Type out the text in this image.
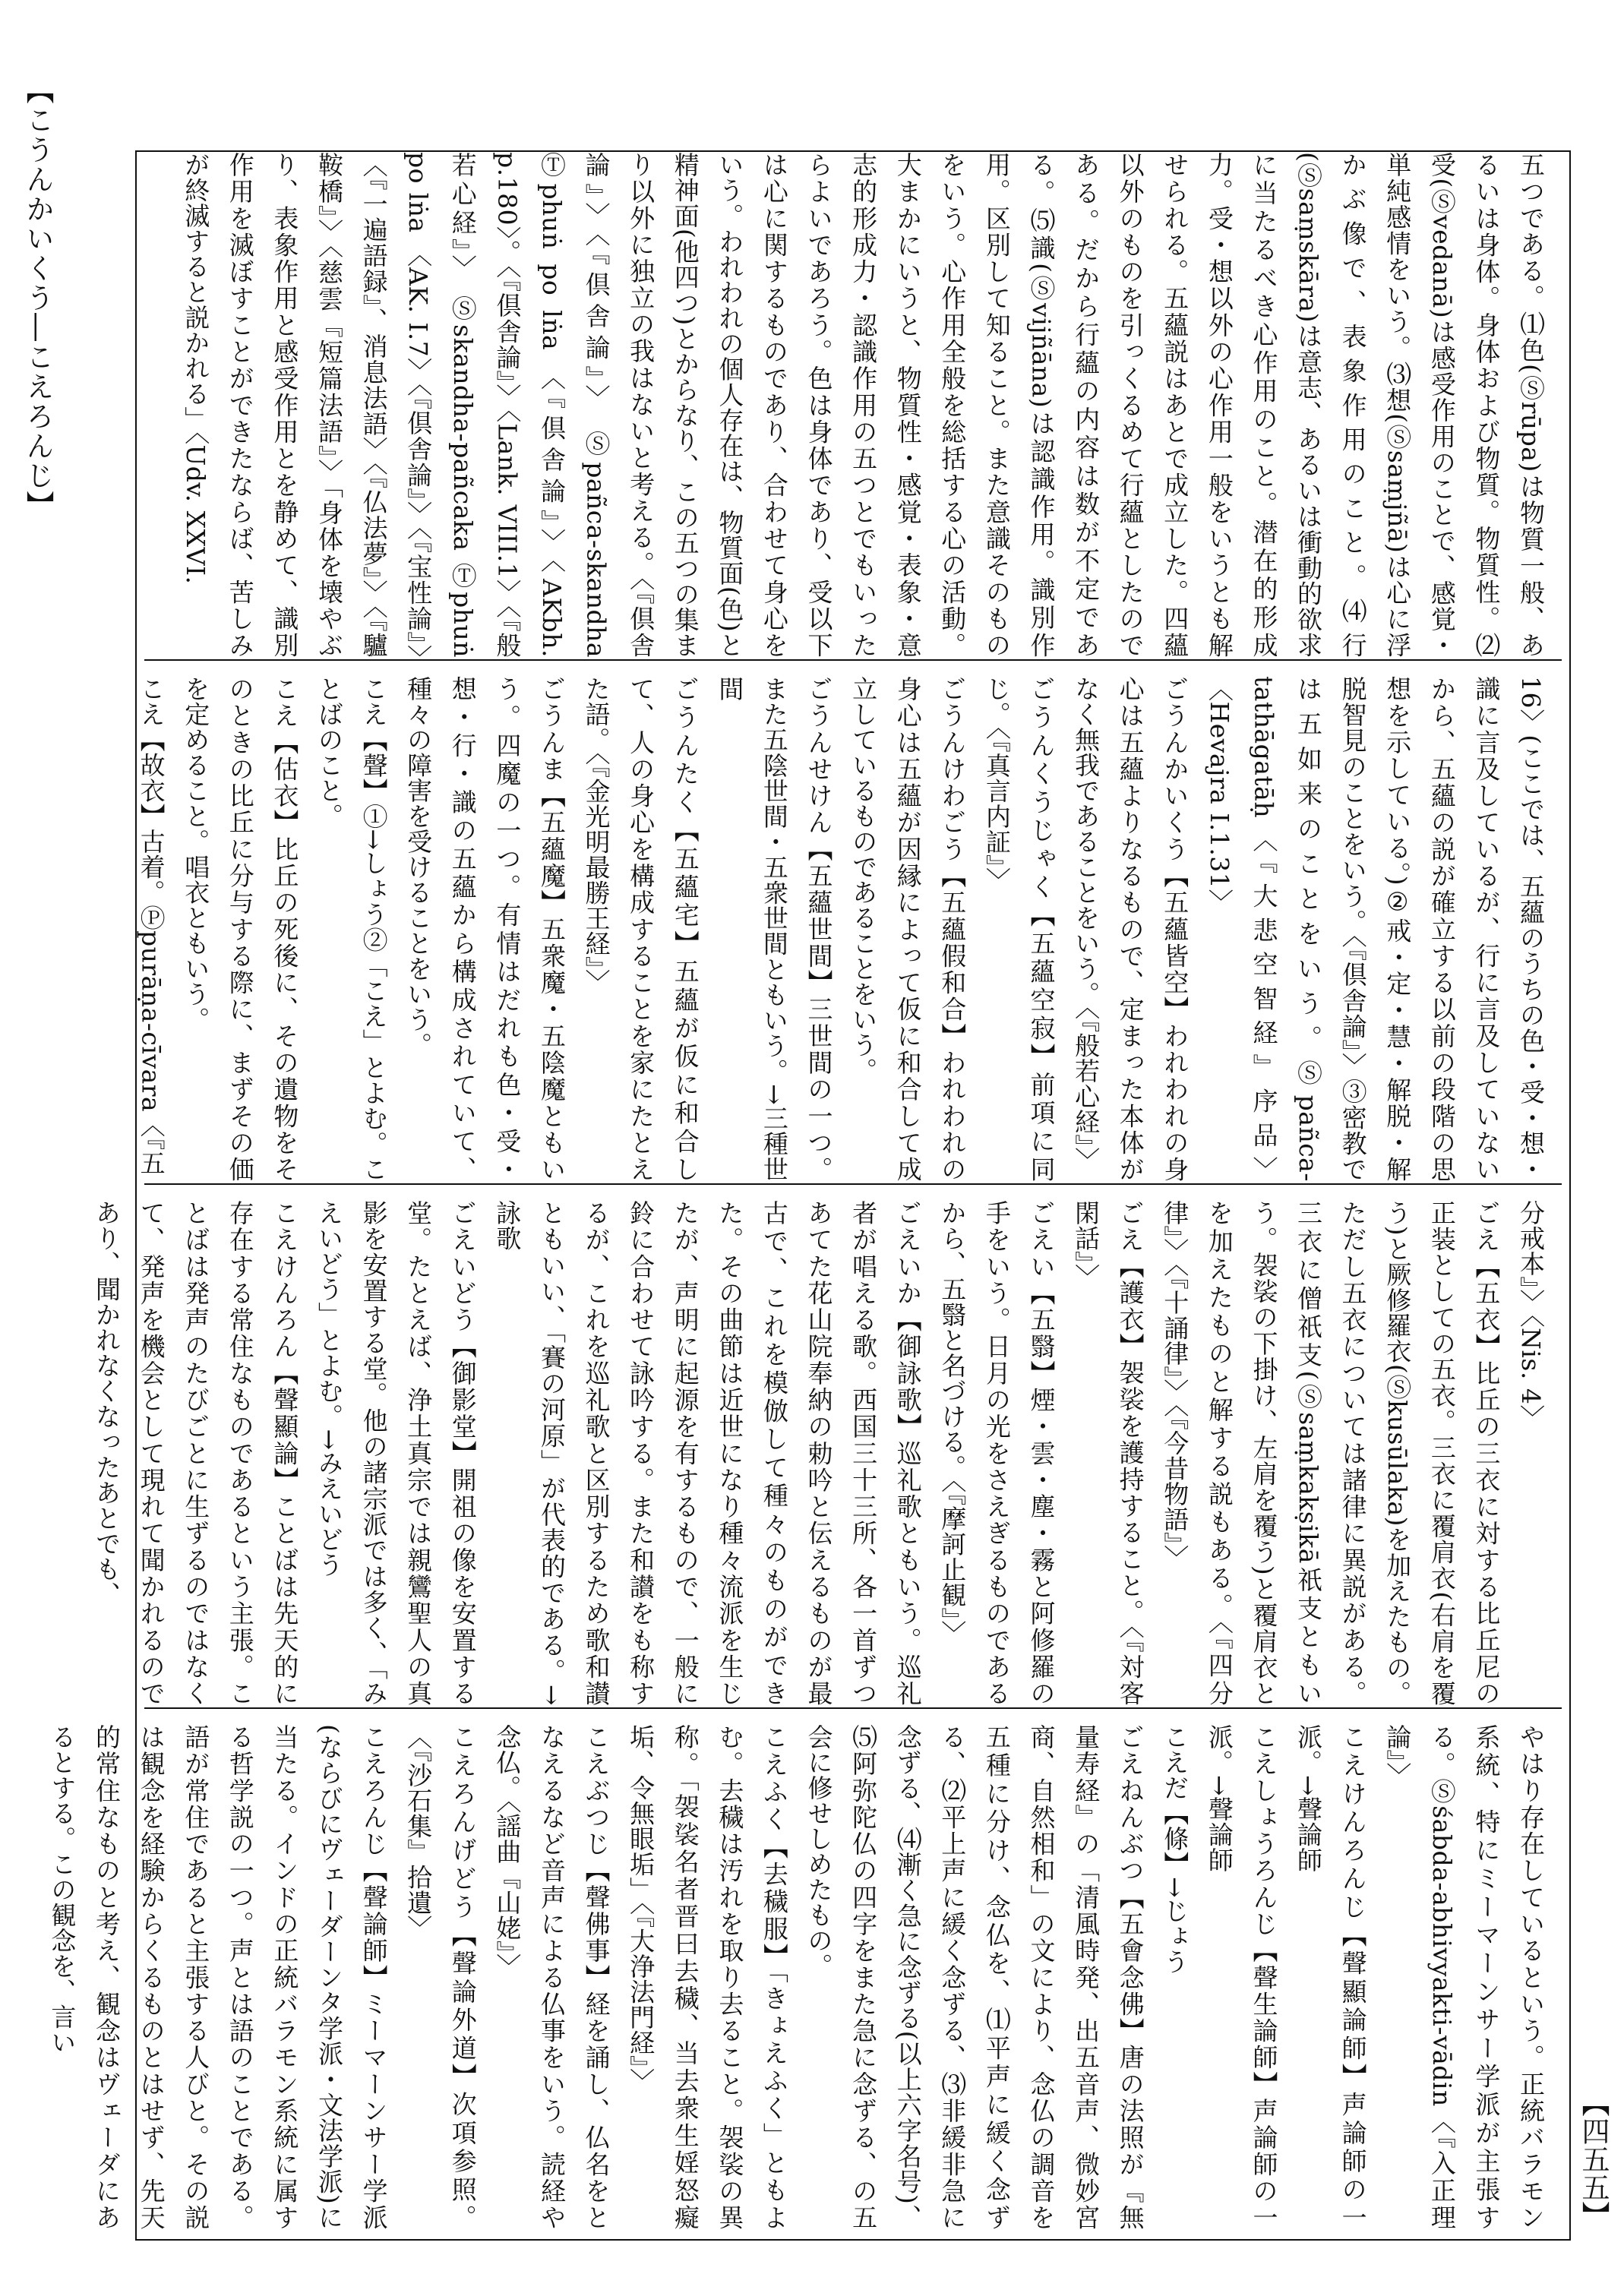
【こうんかいくう―こえろんじ】
【四五五】

五つである。⑴色(Ⓢrūpa)は物質一般、あるいは身体。身体および物質。物質性。⑵受(Ⓢvedanā)は感受作用のことで、感覚・単純感情をいう。⑶想(Ⓢsaṃjñā)は心に浮かぶ像で、表象作用のこと。⑷行(Ⓢsaṃskāra)は意志、あるいは衝動的欲求に当たるべき心作用のこと。潜在的形成力。受・想以外の心作用一般をいうとも解せられる。五蘊説はあとで成立した。四蘊以外のものを引っくるめて行蘊としたのである。だから行蘊の内容は数が不定である。⑸識(Ⓢvijñāna)は認識作用。識別作用。区別して知ること。また意識そのものをいう。心作用全般を総括する心の活動。大まかにいうと、物質性・感覚・表象・意志的形成力・認識作用の五つとでもいったらよいであろう。色は身体であり、受以下は心に関するものであり、合わせて身心をいう。われわれの個人存在は、物質面(色)と精神面(他四つ)とからなり、この五つの集まり以外に独立の我はないと考える。〈『倶舎論』〉〈『倶舎論』〉 Ⓢpañca-skandha Ⓣphuṅ po lṅa 〈『倶舎論』〉〈AKbh. p.180〉。〈『倶舎論』〉〈Lank. VIII.1〉〈『般若心経』〉 Ⓢskandha-pañcaka Ⓣphuṅ po lṅa 〈AK. I.7〉〈『倶舎論』〉〈『宝性論』〉〈『一遍語録』、消息法語〉〈『仏法夢』〉〈『驢鞍橋』〉〈慈雲『短篇法語』〉「身体を壊やぶり、表象作用と感受作用とを静めて、識別作用を滅ぼすことができたならば、苦しみが終滅すると説かれる」〈Udv. XXVI.

16〉(ここでは、五蘊のうちの色・受・想・識に言及しているが、行に言及していないから、五蘊の説が確立する以前の段階の思想を示している。)②戒・定・慧・解脱・解脱智見のことをいう。〈『倶舎論』〉③密教では五如来のことをいう。Ⓢpañca-tathāgatāḥ〈『大悲空智経』序品〉〈Hevajra I.1.31〉

ごうんかいくう【五蘊皆空】われわれの身心は五蘊よりなるもので、定まった本体がなく無我であることをいう。〈『般若心経』〉

ごうんくうじゃく【五蘊空寂】前項に同じ。〈『真言内証』〉

ごうんけわごう【五蘊假和合】われわれの身心は五蘊が因縁によって仮に和合して成立しているものであることをいう。

ごうんせけん【五蘊世間】三世間の一つ。また五陰世間・五衆世間ともいう。→三種世間

ごうんたく【五蘊宅】五蘊が仮に和合して、人の身心を構成することを家にたとえた語。〈『金光明最勝王経』〉

ごうんま【五蘊魔】五衆魔・五陰魔ともいう。四魔の一つ。有情はだれも色・受・想・行・識の五蘊から構成されていて、種々の障害を受けることをいう。

こえ【聲】①→しょう②「こえ」とよむ。ことばのこと。

こえ【估衣】比丘の死後に、その遺物をそのときの比丘に分与する際に、まずその価を定めること。唱衣ともいう。

こえ【故衣】古着。Ⓟpurāṇa-cīvara〈『五

分戒本』〉〈Nis. 4〉

ごえ【五衣】比丘の三衣に対する比丘尼の正装としての五衣。三衣に覆肩衣(右肩を覆う)と厥修羅衣(Ⓢkusūlaka)を加えたもの。ただし五衣については諸律に異説がある。三衣に僧祇支(Ⓢsaṃkakṣikā祇支ともいう。袈裟の下掛け、左肩を覆う)と覆肩衣とを加えたものと解する説もある。〈『四分律』〉〈『十誦律』〉〈『今昔物語』〉

ごえ【護衣】袈裟を護持すること。〈『対客閑話』〉

ごえい【五翳】煙・雲・塵・霧と阿修羅の手をいう。日月の光をさえぎるものであるから、五翳と名づける。〈『摩訶止観』〉

ごえいか【御詠歌】巡礼歌ともいう。巡礼者が唱える歌。西国三十三所、各一首ずつあてた花山院奉納の勅吟と伝えるものが最古で、これを模倣して種々のものができた。その曲節は近世になり種々流派を生じたが、声明に起源を有するもので、一般に鈴に合わせて詠吟する。また和讃をも称するが、これを巡礼歌と区別するため歌和讃ともいい、「賽の河原」が代表的である。→詠歌

ごえいどう【御影堂】開祖の像を安置する堂。たとえば、浄土真宗では親鸞聖人の真影を安置する堂。他の諸宗派では多く、「みえいどう」とよむ。→みえいどう

こえけんろん【聲顯論】ことばは先天的に存在する常住なものであるという主張。ことばは発声のたびごとに生ずるのではなくて、発声を機会として現れて聞かれるのであり、聞かれなくなったあとでも、

やはり存在しているという。正統バラモン系統、特にミーマーンサー学派が主張する。Ⓢśabda-abhivyakti-vādin〈『入正理論』〉

こえけんろんじ【聲顯論師】声論師の一派。→聲論師

こえしょうろんじ【聲生論師】声論師の一派。→聲論師

こえだ【條】→じょう

ごえねんぶつ【五會念佛】唐の法照が『無量寿経』の「清風時発、出五音声、微妙宮商、自然相和」の文により、念仏の調音を五種に分け、念仏を、⑴平声に緩く念ずる、⑵平上声に緩く念ずる、⑶非緩非急に念ずる、⑷漸く急に念ずる(以上六字名号)、⑸阿弥陀仏の四字をまた急に念ずる、の五会に修せしめたもの。

こえふく【去穢服】「きょえふく」ともよむ。去穢は汚れを取り去ること。袈裟の異称。「袈裟名者晋曰去穢、当去衆生婬怒癡垢、令無眼垢」〈『大浄法門経』〉

こえぶつじ【聲佛事】経を誦し、仏名をとなえるなど音声による仏事をいう。読経や念仏。〈謡曲『山姥』〉

こえろんげどう【聲論外道】次項参照。〈『沙石集』拾遺〉

こえろんじ【聲論師】ミーマーンサー学派(ならびにヴェーダーンタ学派・文法学派)に当たる。インドの正統バラモン系統に属する哲学説の一つ。声とは語のことである。語が常住であると主張する人びと。その説は観念を経験からくるものとはせず、先天的常住なものと考え、観念はヴェーダにあるとする。この観念を、言い
